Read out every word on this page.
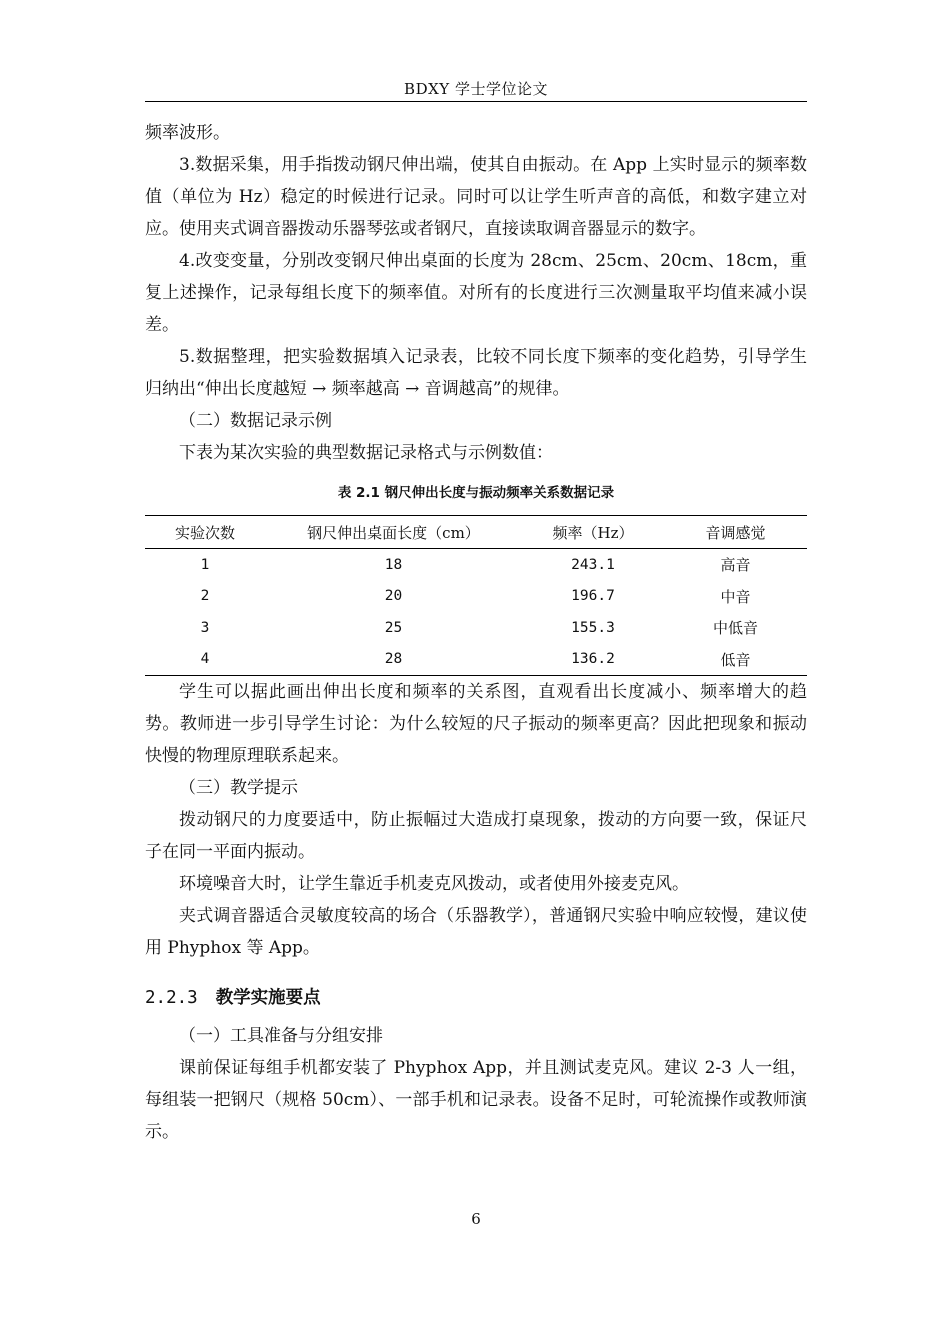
BDXY 学士学位论文

频率波形。

3.数据采集，用手指拨动钢尺伸出端，使其自由振动。在 App 上实时显示的频率数值（单位为 Hz）稳定的时候进行记录。同时可以让学生听声音的高低，和数字建立对应。使用夹式调音器拨动乐器琴弦或者钢尺，直接读取调音器显示的数字。

4.改变变量，分别改变钢尺伸出桌面的长度为 28cm、25cm、20cm、18cm，重复上述操作，记录每组长度下的频率值。对所有的长度进行三次测量取平均值来减小误差。

5.数据整理，把实验数据填入记录表，比较不同长度下频率的变化趋势，引导学生归纳出“伸出长度越短 → 频率越高 → 音调越高”的规律。

（二）数据记录示例

下表为某次实验的典型数据记录格式与示例数值：

表 2.1 钢尺伸出长度与振动频率关系数据记录
实验次数	钢尺伸出桌面长度（cm）	频率（Hz）	音调感觉
1	18	243.1	高音
2	20	196.7	中音
3	25	155.3	中低音
4	28	136.2	低音

学生可以据此画出伸出长度和频率的关系图，直观看出长度减小、频率增大的趋势。教师进一步引导学生讨论：为什么较短的尺子振动的频率更高？因此把现象和振动快慢的物理原理联系起来。

（三）教学提示

拨动钢尺的力度要适中，防止振幅过大造成打桌现象，拨动的方向要一致，保证尺子在同一平面内振动。

环境噪音大时，让学生靠近手机麦克风拨动，或者使用外接麦克风。

夹式调音器适合灵敏度较高的场合（乐器教学），普通钢尺实验中响应较慢，建议使用 Phyphox 等 App。

2.2.3 教学实施要点

（一）工具准备与分组安排

课前保证每组手机都安装了 Phyphox App，并且测试麦克风。建议 2-3 人一组，每组装一把钢尺（规格 50cm）、一部手机和记录表。设备不足时，可轮流操作或教师演示。

6
